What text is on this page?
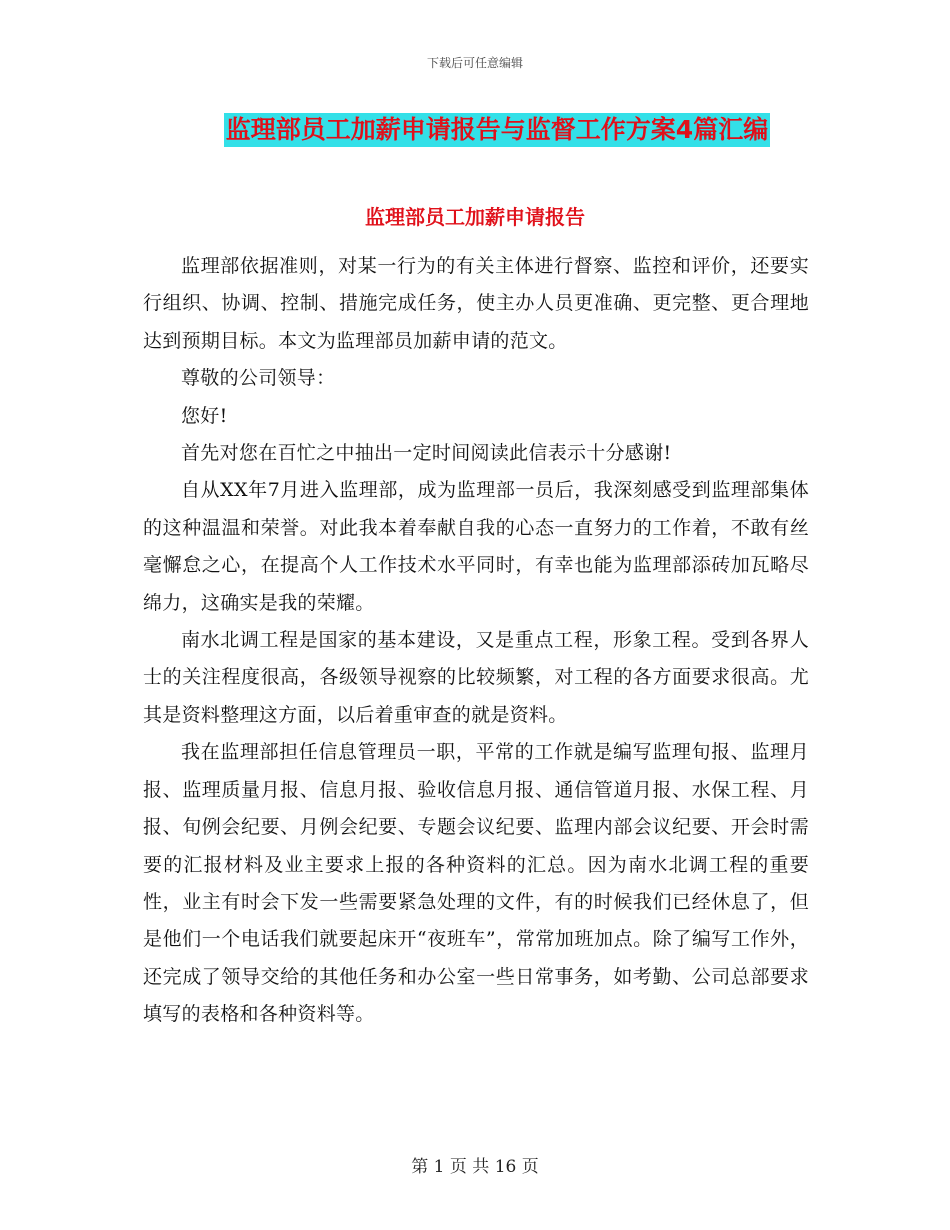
下载后可任意编辑
监理部员工加薪申请报告与监督工作方案4篇汇编
监理部员工加薪申请报告

监理部依据准则，对某一行为的有关主体进行督察、监控和评价，还要实行组织、协调、控制、措施完成任务，使主办人员更准确、更完整、更合理地达到预期目标。本文为监理部员加薪申请的范文。

尊敬的公司领导：

您好!

首先对您在百忙之中抽出一定时间阅读此信表示十分感谢!

自从XX年7月进入监理部，成为监理部一员后，我深刻感受到监理部集体的这种温温和荣誉。对此我本着奉献自我的心态一直努力的工作着，不敢有丝毫懈怠之心，在提高个人工作技术水平同时，有幸也能为监理部添砖加瓦略尽绵力，这确实是我的荣耀。

南水北调工程是国家的基本建设，又是重点工程，形象工程。受到各界人士的关注程度很高，各级领导视察的比较频繁，对工程的各方面要求很高。尤其是资料整理这方面，以后着重审查的就是资料。

我在监理部担任信息管理员一职，平常的工作就是编写监理旬报、监理月报、监理质量月报、信息月报、验收信息月报、通信管道月报、水保工程、月报、旬例会纪要、月例会纪要、专题会议纪要、监理内部会议纪要、开会时需要的汇报材料及业主要求上报的各种资料的汇总。因为南水北调工程的重要性，业主有时会下发一些需要紧急处理的文件，有的时候我们已经休息了，但是他们一个电话我们就要起床开“夜班车”，常常加班加点。除了编写工作外，还完成了领导交给的其他任务和办公室一些日常事务，如考勤、公司总部要求填写的表格和各种资料等。

第 1 页 共 16 页
